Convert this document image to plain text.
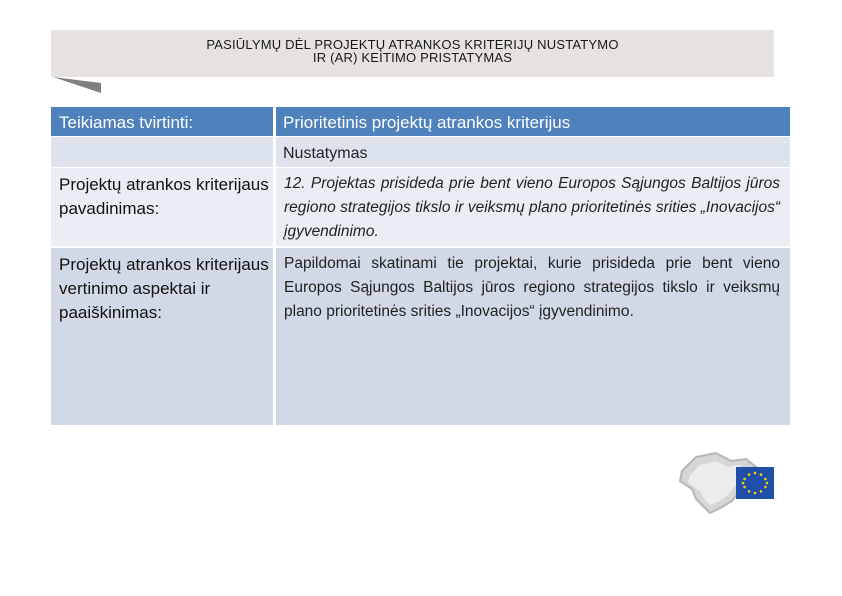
PASIŪLYMŲ DĖL PROJEKTŲ ATRANKOS KRITERIJŲ NUSTATYMO
IR (AR) KEITIMO PRISTATYMAS
Teikiamas tvirtinti:	Prioritetinis projektų atrankos kriterijus
Nustatymas
Projektų atrankos kriterijaus pavadinimas:
12. Projektas prisideda prie bent vieno Europos Sąjungos Baltijos jūros regiono strategijos tikslo ir veiksmų plano prioritetinės srities „Inovacijos“ įgyvendinimo.
Projektų atrankos kriterijaus vertinimo aspektai ir paaiškinimas:
Papildomai skatinami tie projektai, kurie prisideda prie bent vieno Europos Sąjungos Baltijos jūros regiono strategijos tikslo ir veiksmų plano prioritetinės srities „Inovacijos“ įgyvendinimo.
